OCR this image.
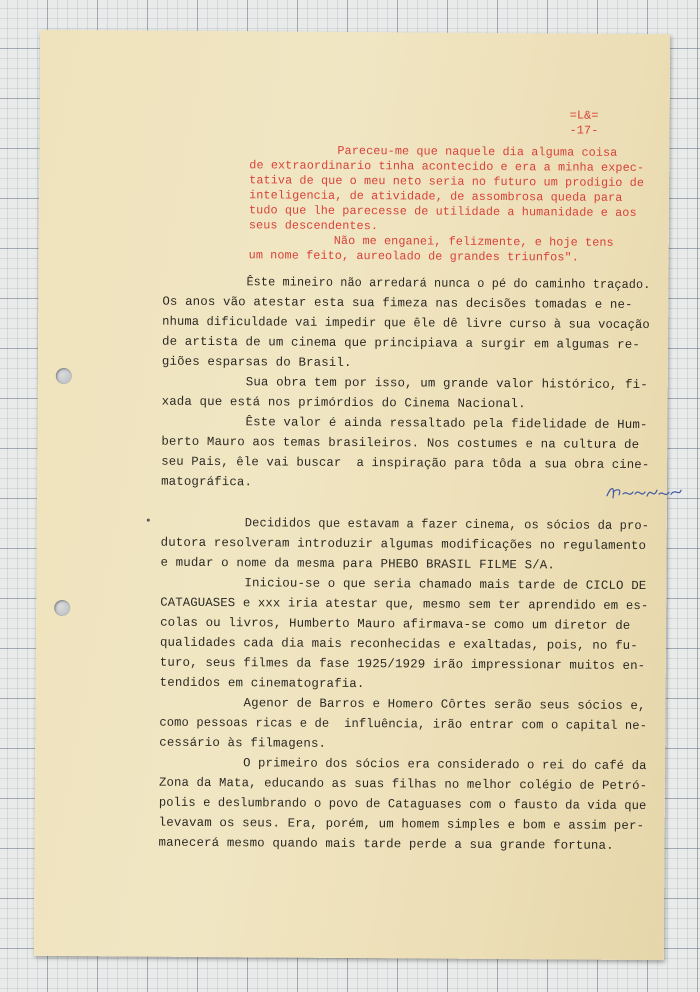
=L&=
-17-
Pareceu-me que naquele dia alguma coisa
de extraordinario tinha acontecido e era a minha expec-
tativa de que o meu neto seria no futuro um prodigio de
inteligencia, de atividade, de assombrosa queda para
tudo que lhe parecesse de utilidade a humanidade e aos
seus descendentes.
Não me enganei, felizmente, e hoje tens
um nome feito, aureolado de grandes triunfos".
Êste mineiro não arredará nunca o pé do caminho traçado.
Os anos vão atestar esta sua fimeza nas decisões tomadas e ne-
nhuma dificuldade vai impedir que êle dê livre curso à sua vocação
de artista de um cinema que principiava a surgir em algumas re-
giões esparsas do Brasil.
Sua obra tem por isso, um grande valor histórico, fi-
xada que está nos primórdios do Cinema Nacional.
Êste valor é ainda ressaltado pela fidelidade de Hum-
berto Mauro aos temas brasileiros. Nos costumes e na cultura de
seu Pais, êle vai buscar  a inspiração para tôda a sua obra cine-
matográfica.
Decididos que estavam a fazer cinema, os sócios da pro-
dutora resolveram introduzir algumas modificações no regulamento
e mudar o nome da mesma para PHEBO BRASIL FILME S/A.
Iniciou-se o que seria chamado mais tarde de CICLO DE
CATAGUASES e xxx iria atestar que, mesmo sem ter aprendido em es-
colas ou livros, Humberto Mauro afirmava-se como um diretor de
qualidades cada dia mais reconhecidas e exaltadas, pois, no fu-
turo, seus filmes da fase 1925/1929 irão impressionar muitos en-
tendidos em cinematografia.
Agenor de Barros e Homero Côrtes serão seus sócios e,
como pessoas ricas e de  influência, irão entrar com o capital ne-
cessário às filmagens.
O primeiro dos sócios era considerado o rei do café da
Zona da Mata, educando as suas filhas no melhor colégio de Petró-
polis e deslumbrando o povo de Cataguases com o fausto da vida que
levavam os seus. Era, porém, um homem simples e bom e assim per-
manecerá mesmo quando mais tarde perde a sua grande fortuna.
